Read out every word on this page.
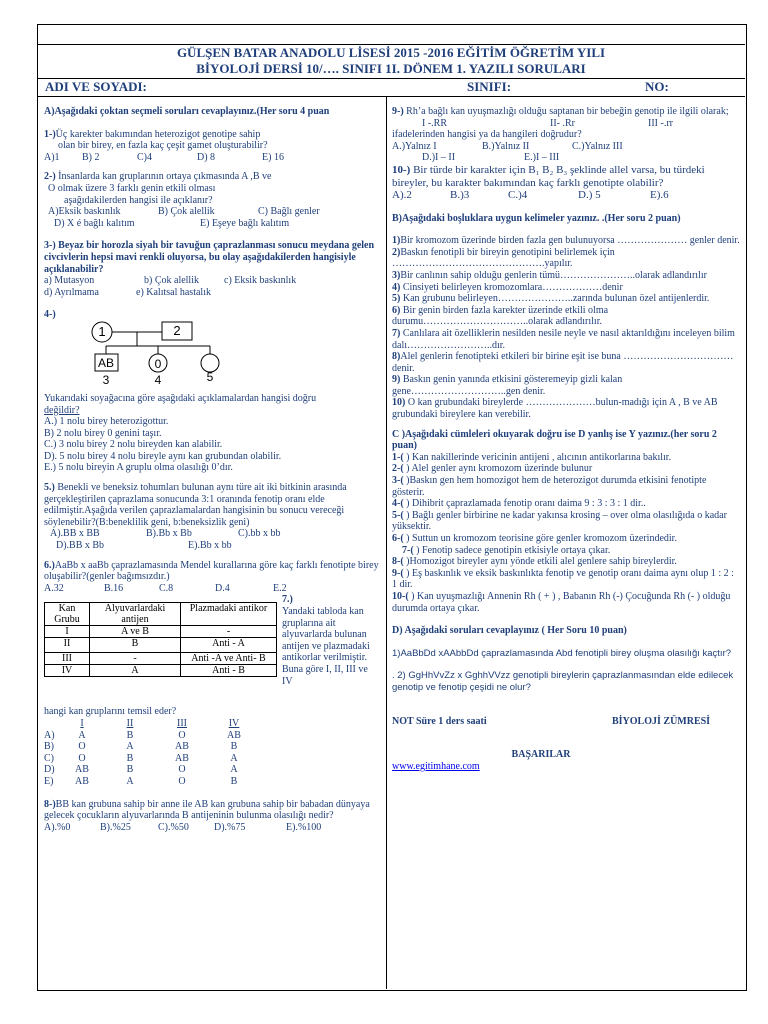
GÜLŞEN BATAR ANADOLU LİSESİ 2015 -2016 EĞİTİM ÖĞRETİM YILI
BİYOLOJİ DERSİ 10/…. SINIFI 1I. DÖNEM 1. YAZILI SORULARI
ADI VE SOYADI:	SINIFI:	NO:

A)Aşağıdaki çoktan seçmeli soruları cevaplayınız.(Her soru 4 puan

1-)Üç karekter bakımından heterozigot genotipe sahip

olan bir birey, en fazla kaç çeşit gamet oluşturabilir?

A)1	B) 2	C)4	D) 8	E) 16

2-) İnsanlarda kan gruplarının ortaya çıkmasında A ,B ve

O olmak üzere 3 farklı genin etkili olması

aşağıdakilerden hangisi ile açıklanır?

A)Eksik baskınlık	B) Çok alellik	C) Bağlı genler
D) X é bağlı kalıtım	E) Eşeye bağlı kalıtım

3-) Beyaz bir horozla siyah bir tavuğun çaprazlanması sonucu meydana gelen civcivlerin hepsi mavi renkli oluyorsa, bu olay aşağıdakilerden hangisiyle açıklanabilir?

a) Mutasyon	b) Çok alellik	c) Eksik baskınlık
d) Ayrılmama	e) Kalıtsal hastalık

4-)

1	2
AB	0
3	4	5

Yukarıdaki soyağacına göre aşağıdaki açıklamalardan hangisi doğru

değildir?

A.) 1 nolu birey heterozigottur.

B) 2 nolu birey 0 genini taşır.

C.) 3 nolu birey 2 nolu bireyden kan alabilir.

D). 5 nolu birey 4 nolu bireyle aynı kan grubundan olabilir.

E.) 5 nolu bireyin A gruplu olma olasılığı 0’dır.

5.) Benekli ve beneksiz tohumları bulunan aynı türe ait iki bitkinin arasında gerçekleştirilen çaprazlama sonucunda 3:1 oranında fenotip oranı elde edilmiştir.Aşağıda verilen çaprazlamalardan hangisinin bu sonucu vereceği söylenebilir?(B:beneklilik geni, b:beneksizlik geni)

A).BB x BB	B).Bb x Bb	C).bb x bb
D).BB x Bb	E).Bb x bb

6.)AaBb x aaBb çaprazlamasında Mendel kurallarına göre kaç farklı fenotipte birey oluşabilir?(genler bağımsızdır.)

A.32	B.16	C.8	D.4	E.2
Kan Grubu	Alyuvarlardaki antijen	Plazmadaki antikor
I	A ve B	-
II	B	Anti - A
III	-	Anti -A ve Anti- B
IV	A	Anti - B

7.)

Yandaki tabloda kan gruplarına ait alyuvarlarda bulunan antijen ve plazmadaki antikorlar verilmiştir. Buna göre I, II, III ve IV

hangi kan gruplarını temsil eder?

I	II	III	IV
A)	A	B	O	AB
B)	O	A	AB	B
C)	O	B	AB	A
D)	AB	B	O	A
E)	AB	A	O	B

8-)BB kan grubuna sahip bir anne ile AB kan grubuna sahip bir babadan dünyaya gelecek çocukların alyuvarlarında B antijeninin bulunma olasılığı nedir?

A).%0	B).%25	C).%50	D).%75	E).%100

9-) Rh’a bağlı kan uyuşmazlığı olduğu saptanan bir bebeğin genotip ile ilgili olarak;

I -.RR	II- .Rr	III -.rr

ifadelerinden hangisi ya da hangileri doğrudur?

A.)Yalnız I	B.)Yalnız II	C.)Yalnız III
D.)I – II	E.)I – III

10-) Bir türde bir karakter için B₁ B₂ B₃ şeklinde allel varsa, bu türdeki bireyler, bu karakter bakımından kaç farklı genotipte olabilir?

A).2	B.)3	C.)4	D.) 5	E).6

B)Aşağıdaki boşluklara uygun kelimeler yazınız. .(Her soru 2 puan)

1)Bir kromozom üzerinde birden fazla gen bulunuyorsa ………………… genler denir.

2)Baskın fenotipli bir bireyin genotipini belirlemek için ……………………………………….yapılır.

3)Bir canlının sahip olduğu genlerin tümü…………………..olarak adlandırılır

4) Cinsiyeti belirleyen kromozomlara………………denir

5) Kan grubunu belirleyen…………………..zarında bulunan özel antijenlerdir.

6) Bir genin birden fazla karekter üzerinde etkili olma durumu…………………………..olarak adlandırılır.

7) Canlılara ait özelliklerin nesilden nesile neyle ve nasıl aktarıldığını inceleyen bilim dalı……………………..dır.

8)Alel genlerin fenotipteki etkileri bir birine eşit ise buna ……………………………denir.

9) Baskın genin yanında etkisini gösteremeyip gizli kalan gene………………………..gen denir.

10) O kan grubundaki bireylerde …………………bulun-madığı için A , B ve AB grubundaki bireylere kan verebilir.

C )Aşağıdaki cümleleri okuyarak doğru ise D yanlış ise Y yazınız.(her soru 2 puan)

1-( ) Kan nakillerinde vericinin antijeni , alıcının antikorlarına bakılır.

2-( ) Alel genler aynı kromozom üzerinde bulunur

3-( )Baskın gen hem homozigot hem de heterozigot durumda etkisini fenotipte gösterir.

4-( ) Dihibrit çaprazlamada fenotip oranı daima 9 : 3 : 3 : 1 dir..

5-( ) Bağlı genler birbirine ne kadar yakınsa krosing – over olma olasılığıda o kadar yüksektir.

6-( ) Suttun un kromozom teorisine göre genler kromozom üzerindedir.

7-( ) Fenotip sadece genotipin etkisiyle ortaya çıkar.

8-( )Homozigot bireyler aynı yönde etkili alel genlere sahip bireylerdir.

9-( ) Eş baskınlık ve eksik baskınlıkta fenotip ve genotip oranı daima aynı olup 1 : 2 : 1 dir.

10-( ) Kan uyuşmazlığı Annenin Rh ( + ) , Babanın Rh (-) Çocuğunda Rh (- ) olduğu durumda ortaya çıkar.

D) Aşağıdaki soruları cevaplayınız ( Her Soru 10 puan)

1)AaBbDd xAAbbDd çaprazlamasında Abd fenotipli birey oluşma olasılığı kaçtır?

. 2) GgHhVvZz x GghhVVzz genotipli bireylerin çaprazlanmasından elde edilecek genotip ve fenotip çeşidi ne olur?

NOT Süre 1 ders saati	BİYOLOJİ ZÜMRESİ

BAŞARILAR

www.egitimhane.com
